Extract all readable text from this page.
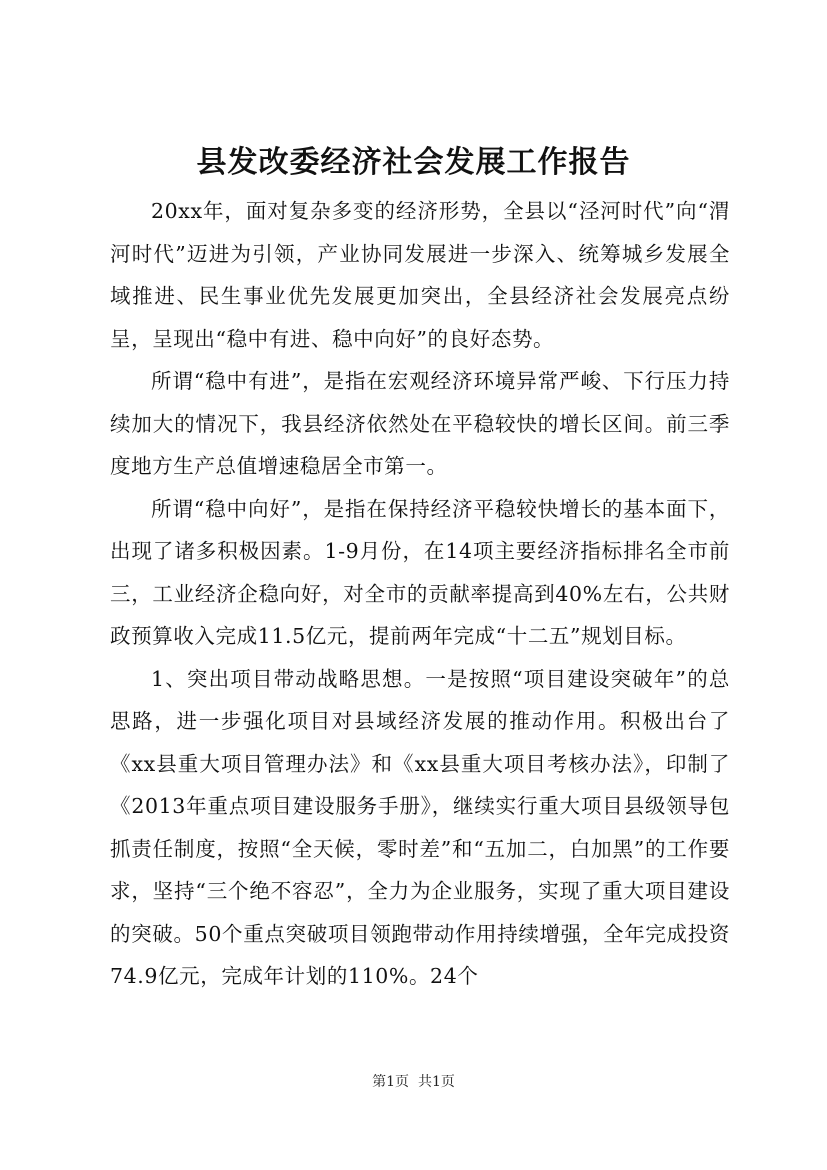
县发改委经济社会发展工作报告

20xx年，面对复杂多变的经济形势，全县以“泾河时代”向“渭河时代”迈进为引领，产业协同发展进一步深入、统筹城乡发展全域推进、民生事业优先发展更加突出，全县经济社会发展亮点纷呈，呈现出“稳中有进、稳中向好”的良好态势。

所谓“稳中有进”，是指在宏观经济环境异常严峻、下行压力持续加大的情况下，我县经济依然处在平稳较快的增长区间。前三季度地方生产总值增速稳居全市第一。

所谓“稳中向好”，是指在保持经济平稳较快增长的基本面下，出现了诸多积极因素。1-9月份，在14项主要经济指标排名全市前三，工业经济企稳向好，对全市的贡献率提高到40%左右，公共财政预算收入完成11.5亿元，提前两年完成“十二五”规划目标。

1、突出项目带动战略思想。一是按照“项目建设突破年”的总思路，进一步强化项目对县域经济发展的推动作用。积极出台了《xx县重大项目管理办法》和《xx县重大项目考核办法》，印制了《2013年重点项目建设服务手册》，继续实行重大项目县级领导包抓责任制度，按照“全天候，零时差”和“五加二，白加黑”的工作要求，坚持“三个绝不容忍”，全力为企业服务，实现了重大项目建设的突破。50个重点突破项目领跑带动作用持续增强，全年完成投资74.9亿元，完成年计划的110%。24个

第1页  共1页
